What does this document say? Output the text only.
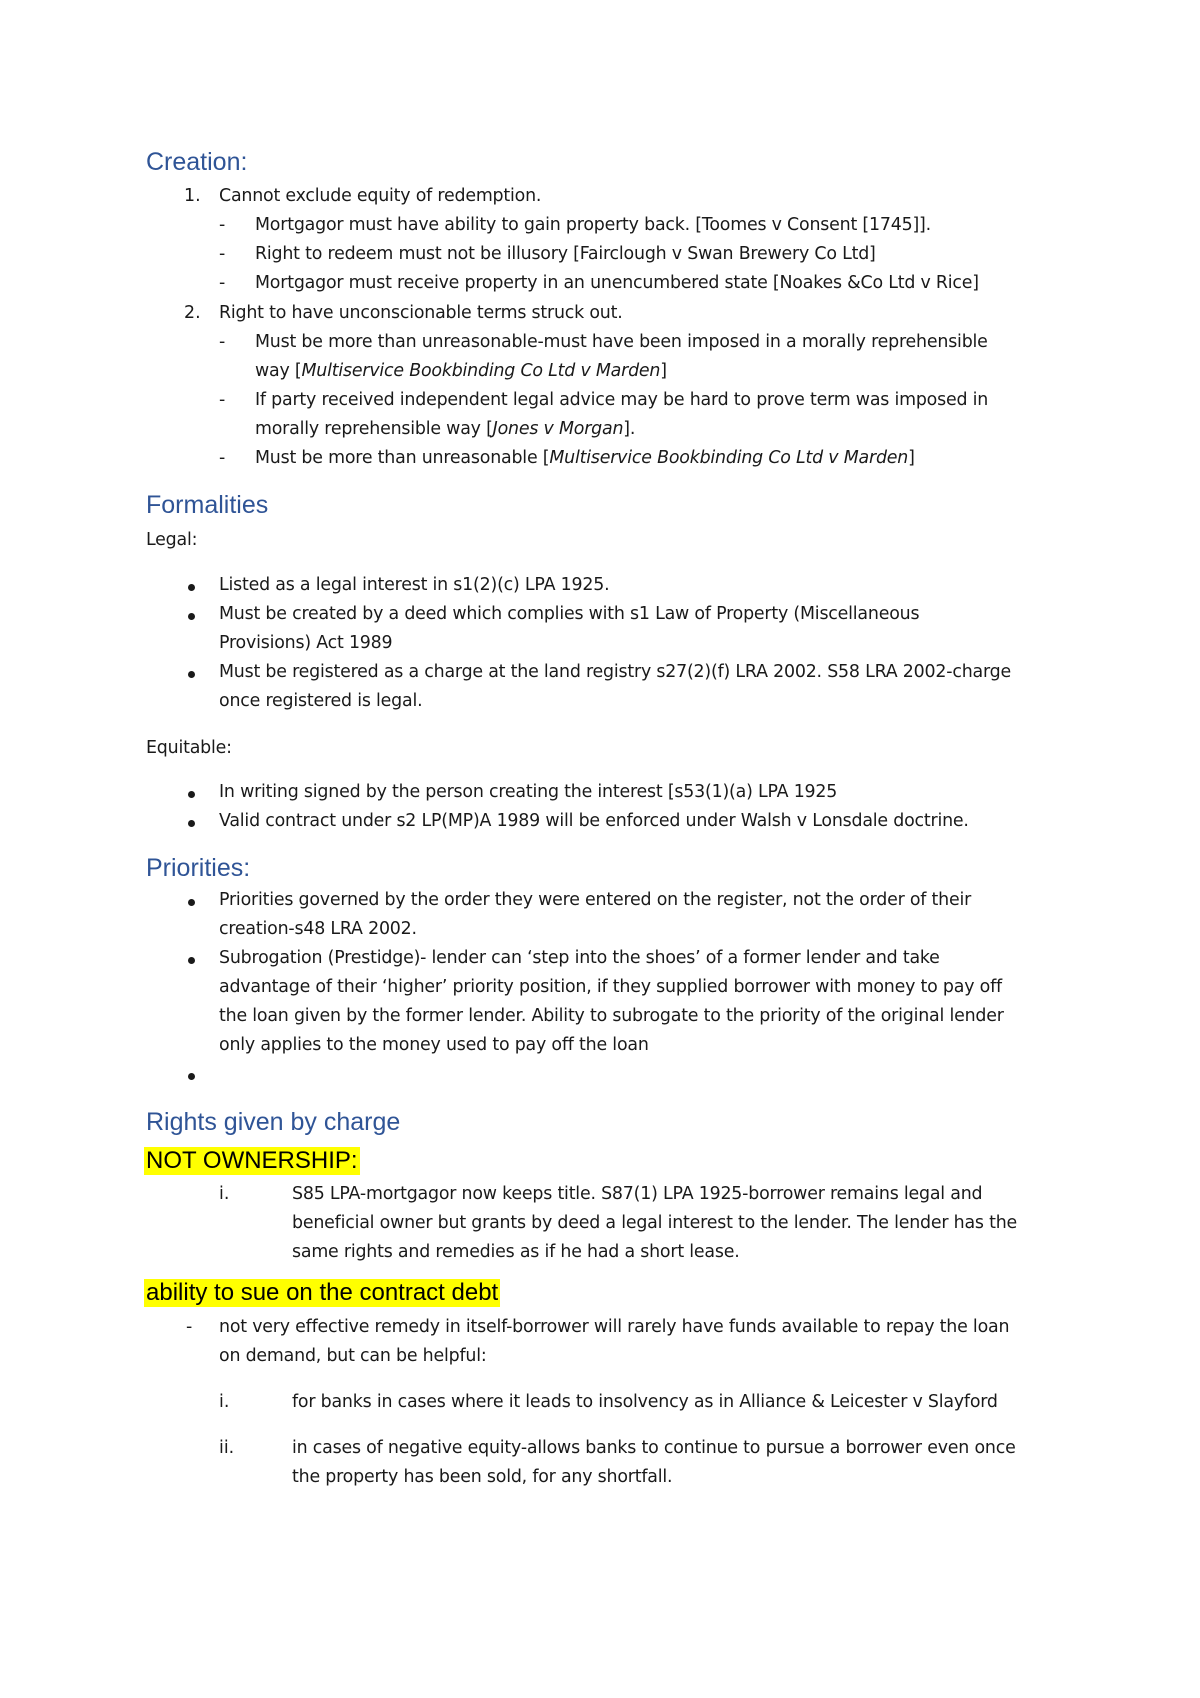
Creation:
1. Cannot exclude equity of redemption.
- Mortgagor must have ability to gain property back. [Toomes v Consent [1745]].
- Right to redeem must not be illusory [Fairclough v Swan Brewery Co Ltd]
- Mortgagor must receive property in an unencumbered state [Noakes &Co Ltd v Rice]
2. Right to have unconscionable terms struck out.
- Must be more than unreasonable-must have been imposed in a morally reprehensible
way [Multiservice Bookbinding Co Ltd v Marden]
- If party received independent legal advice may be hard to prove term was imposed in
morally reprehensible way [Jones v Morgan].
- Must be more than unreasonable [Multiservice Bookbinding Co Ltd v Marden]
Formalities
Legal:
Listed as a legal interest in s1(2)(c) LPA 1925.
Must be created by a deed which complies with s1 Law of Property (Miscellaneous
Provisions) Act 1989
Must be registered as a charge at the land registry s27(2)(f) LRA 2002. S58 LRA 2002-charge
once registered is legal.
Equitable:
In writing signed by the person creating the interest [s53(1)(a) LPA 1925
Valid contract under s2 LP(MP)A 1989 will be enforced under Walsh v Lonsdale doctrine.
Priorities:
Priorities governed by the order they were entered on the register, not the order of their
creation-s48 LRA 2002.
Subrogation (Prestidge)- lender can ‘step into the shoes’ of a former lender and take
advantage of their ‘higher’ priority position, if they supplied borrower with money to pay off
the loan given by the former lender. Ability to subrogate to the priority of the original lender
only applies to the money used to pay off the loan
Rights given by charge
NOT OWNERSHIP:
i.	S85 LPA-mortgagor now keeps title. S87(1) LPA 1925-borrower remains legal and
beneficial owner but grants by deed a legal interest to the lender. The lender has the
same rights and remedies as if he had a short lease.
ability to sue on the contract debt
- not very effective remedy in itself-borrower will rarely have funds available to repay the loan
on demand, but can be helpful:
i.	for banks in cases where it leads to insolvency as in Alliance & Leicester v Slayford
ii.	in cases of negative equity-allows banks to continue to pursue a borrower even once
the property has been sold, for any shortfall.
